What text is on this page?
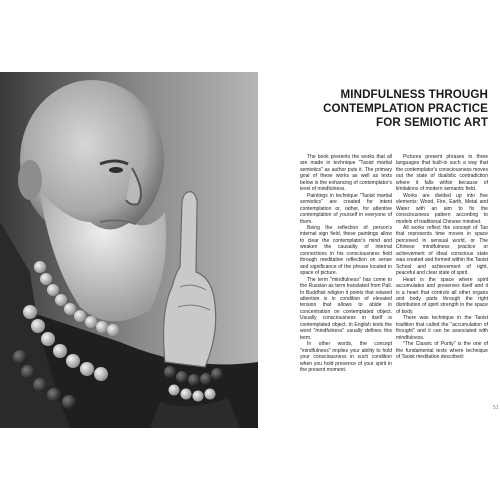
MINDFULNESS THROUGH
CONTEMPLATION PRACTICE
FOR SEMIOTIC ART

The book presents the works that all are made in technique "Taoist martial semiotics" as author puts it. The primary goal of these works as well as texts below is the enhancing of contemplator's level of mindfulness.

Paintings in technique "Taoist martial semiotics" are created for intent contemplation or, rather, for attentive contemplation of yourself in everyone of them.

Being the reflection of person's internal sign field, these paintings allow to clear the contemplator's mind and weaken the causality of internal connections in his consciousness field through meditative reflection on sense and significance of the phrase located in space of picture.

The term "mindfulness" has come to the Russian as term translated from Pali. In Buddhist religion it points that relaxed attention is in condition of elevated tension that allows to abide in concentration on contemplated object. Usually consciousness in itself is contemplated object. In English texts the word "mindfulness" usually defines this term.

In other words, the concept "mindfulness" implies your ability to hold your consciousness in such condition when you hold presence of your spirit in the present moment.

Pictures present phrases in three languages that built-in such a way that the contemplator's consciousness moves out the state of dualistic contradiction where it falls within because of limitations of modern semantic field.

Works are divided up into five elements: Wood, Fire, Earth, Metal and Water with an aim to fix the consciousness pattern according to models of traditional Chinese mindset.

All works reflect the concept of Tao that represents time moves in space perceived in sensual world, or The Chinese mindfulness practice or achievement of ideal conscious state was created and formed within the Taoist School and achievement of right, peaceful and clear state of spirit.

Heart is the space where spirit accumulates and preserves itself and it is a heart that controls all other organs and body parts through the right distribution of spirit strength in the space of body.

There was technique in the Taoist tradition that called the "accumulation of thought" and it can be associated with mindfulness.

"The Classic of Purity" is the one of the fundamental texts where technique of Taoist meditation described:

51
